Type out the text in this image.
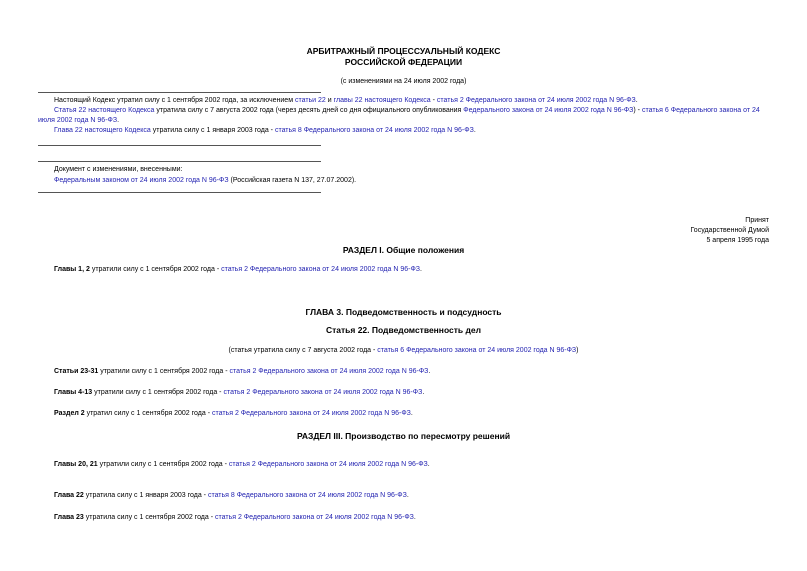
АРБИТРАЖНЫЙ ПРОЦЕССУАЛЬНЫЙ КОДЕКС
РОССИЙСКОЙ ФЕДЕРАЦИИ
(с изменениями на 24 июля 2002 года)
Настоящий Кодекс утратил силу с 1 сентября 2002 года, за исключением статьи 22 и главы 22 настоящего Кодекса - статья 2 Федерального закона от 24 июля 2002 года N 96-ФЗ.
Статья 22 настоящего Кодекса утратила силу с 7 августа 2002 года (через десять дней со дня официального опубликования Федерального закона от 24 июля 2002 года N 96-ФЗ) - статья 6 Федерального закона от 24 июля 2002 года N 96-ФЗ.
Глава 22 настоящего Кодекса утратила силу с 1 января 2003 года - статья 8 Федерального закона от 24 июля 2002 года N 96-ФЗ.
Документ с изменениями, внесенными:
Федеральным законом от 24 июля 2002 года N 96-ФЗ (Российская газета N 137, 27.07.2002).
Принят
Государственной Думой
5 апреля 1995 года
РАЗДЕЛ I. Общие положения
Главы 1, 2 утратили силу с 1 сентября 2002 года - статья 2 Федерального закона от 24 июля 2002 года N 96-ФЗ.
ГЛАВА 3. Подведомственность и подсудность
Статья 22. Подведомственность дел
(статья утратила силу с 7 августа 2002 года - статья 6 Федерального закона от 24 июля 2002 года N 96-ФЗ)
Статьи 23-31 утратили силу с 1 сентября 2002 года - статья 2 Федерального закона от 24 июля 2002 года N 96-ФЗ.
Главы 4-13 утратили силу с 1 сентября 2002 года - статья 2 Федерального закона от 24 июля 2002 года N 96-ФЗ.
Раздел 2 утратил силу с 1 сентября 2002 года - статья 2 Федерального закона от 24 июля 2002 года N 96-ФЗ.
РАЗДЕЛ III. Производство по пересмотру решений
Главы 20, 21 утратили силу с 1 сентября 2002 года - статья 2 Федерального закона от 24 июля 2002 года N 96-ФЗ.
Глава 22 утратила силу с 1 января 2003 года - статья 8 Федерального закона от 24 июля 2002 года N 96-ФЗ.
Глава 23 утратила силу с 1 сентября 2002 года - статья 2 Федерального закона от 24 июля 2002 года N 96-ФЗ.
